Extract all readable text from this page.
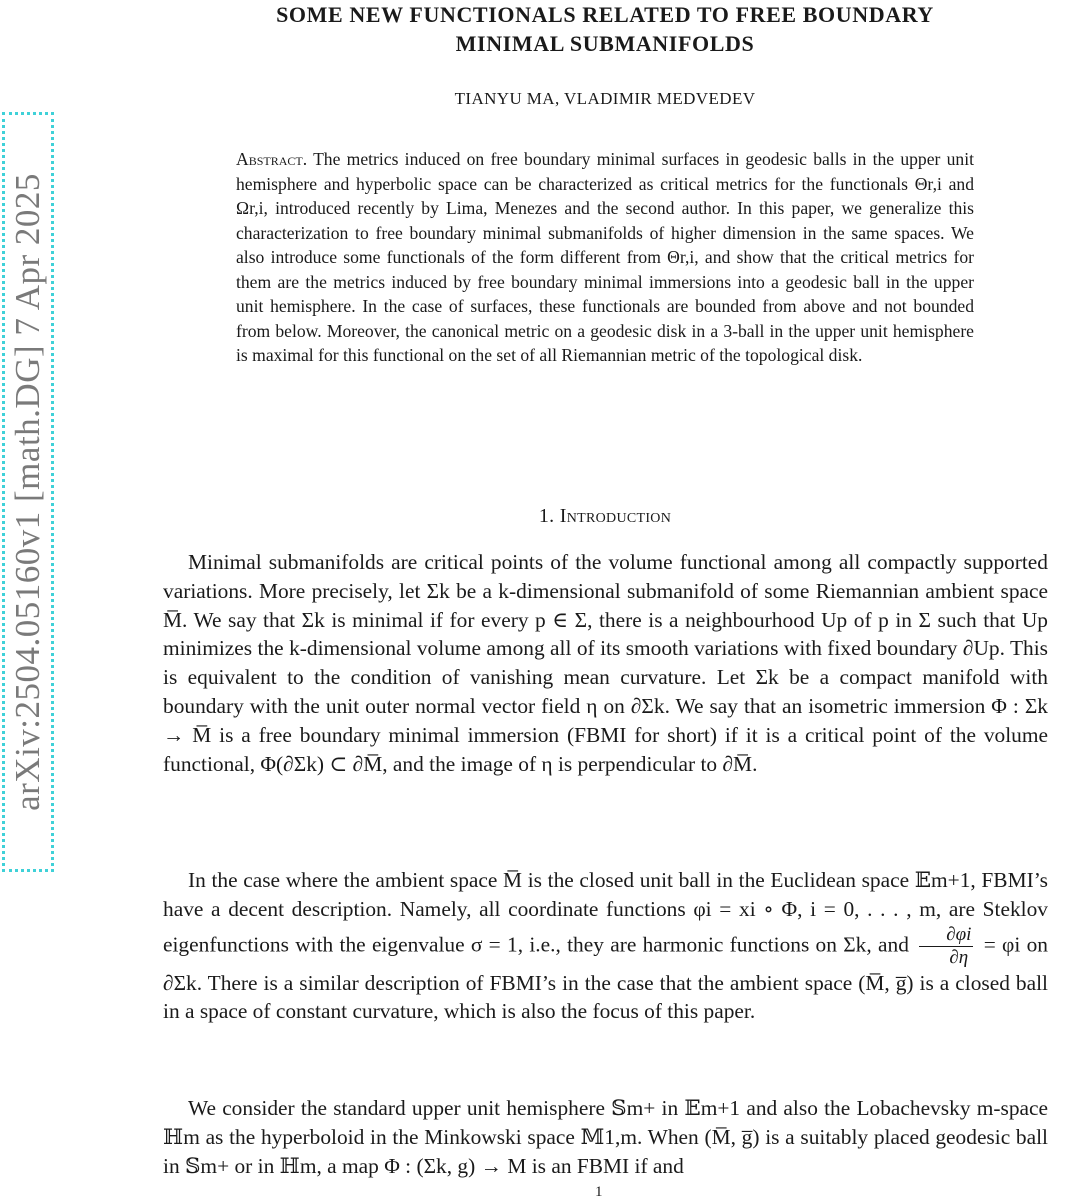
arXiv:2504.05160v1 [math.DG] 7 Apr 2025
SOME NEW FUNCTIONALS RELATED TO FREE BOUNDARY
MINIMAL SUBMANIFOLDS
TIANYU MA, VLADIMIR MEDVEDEV
Abstract. The metrics induced on free boundary minimal surfaces in geodesic balls in the upper unit hemisphere and hyperbolic space can be characterized as critical metrics for the functionals Θr,i and Ωr,i, introduced recently by Lima, Menezes and the second author. In this paper, we generalize this characterization to free boundary minimal submanifolds of higher dimension in the same spaces. We also introduce some functionals of the form different from Θr,i, and show that the critical metrics for them are the metrics induced by free boundary minimal immersions into a geodesic ball in the upper unit hemisphere. In the case of surfaces, these functionals are bounded from above and not bounded from below. Moreover, the canonical metric on a geodesic disk in a 3-ball in the upper unit hemisphere is maximal for this functional on the set of all Riemannian metric of the topological disk.
1. Introduction

Minimal submanifolds are critical points of the volume functional among all compactly supported variations. More precisely, let Σk be a k-dimensional submanifold of some Riemannian ambient space M̅. We say that Σk is minimal if for every p ∈ Σ, there is a neighbourhood Up of p in Σ such that Up minimizes the k-dimensional volume among all of its smooth variations with fixed boundary ∂Up. This is equivalent to the condition of vanishing mean curvature. Let Σk be a compact manifold with boundary with the unit outer normal vector field η on ∂Σk. We say that an isometric immersion Φ : Σk → M̅ is a free boundary minimal immersion (FBMI for short) if it is a critical point of the volume functional, Φ(∂Σk) ⊂ ∂M̅, and the image of η is perpendicular to ∂M̅.

In the case where the ambient space M̅ is the closed unit ball in the Euclidean space 𝔼m+1, FBMI’s have a decent description. Namely, all coordinate functions φi = xi ∘ Φ, i = 0, . . . , m, are Steklov eigenfunctions with the eigenvalue σ = 1, i.e., they are harmonic functions on Σk, and $\frac{\partial\varphi i}{\partial\eta} = \varphi i$ on ∂Σk. There is a similar description of FBMI’s in the case that the ambient space (M̅, g̅) is a closed ball in a space of constant curvature, which is also the focus of this paper.

We consider the standard upper unit hemisphere 𝕊m+ in 𝔼m+1 and also the Lobachevsky m-space ℍm as the hyperboloid in the Minkowski space 𝕄1,m. When (M̅, g̅) is a suitably placed geodesic ball in 𝕊m+ or in ℍm, a map Φ : (Σk, g) → M is an FBMI if and

1
